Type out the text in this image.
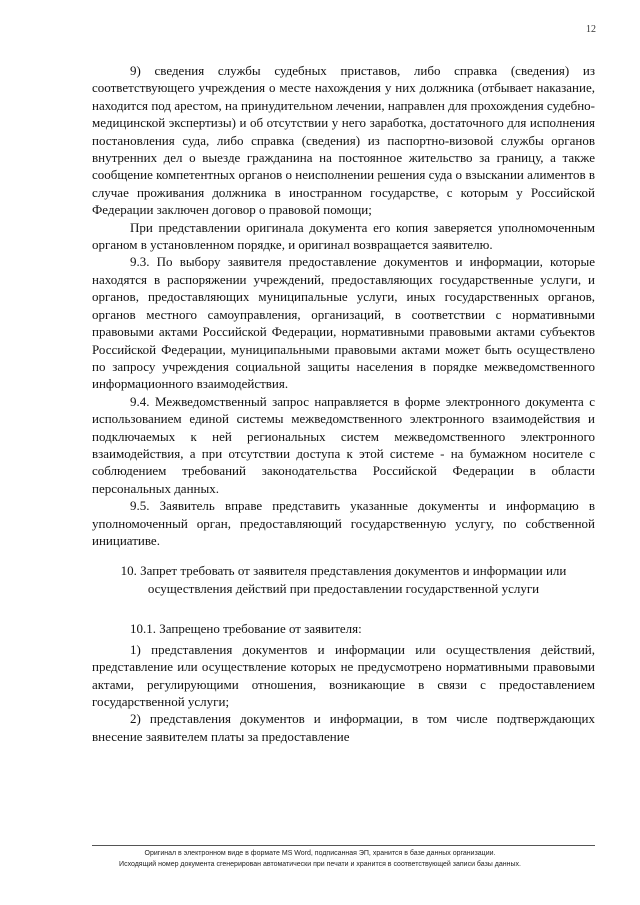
12

9) сведения службы судебных приставов, либо справка (сведения) из соответствующего учреждения о месте нахождения у них должника (отбывает наказание, находится под арестом, на принудительном лечении, направлен для прохождения судебно-медицинской экспертизы) и об отсутствии у него заработка, достаточного для исполнения постановления суда, либо справка (сведения) из паспортно-визовой службы органов внутренних дел о выезде гражданина на постоянное жительство за границу, а также сообщение компетентных органов о неисполнении решения суда о взыскании алиментов в случае проживания должника в иностранном государстве, с которым у Российской Федерации заключен договор о правовой помощи;

При представлении оригинала документа его копия заверяется уполномоченным органом в установленном порядке, и оригинал возвращается заявителю.

9.3. По выбору заявителя предоставление документов и информации, которые находятся в распоряжении учреждений, предоставляющих государственные услуги, и органов, предоставляющих муниципальные услуги, иных государственных органов, органов местного самоуправления, организаций, в соответствии с нормативными правовыми актами Российской Федерации, нормативными правовыми актами субъектов Российской Федерации, муниципальными правовыми актами может быть осуществлено по запросу учреждения социальной защиты населения в порядке межведомственного информационного взаимодействия.

9.4. Межведомственный запрос направляется в форме электронного документа с использованием единой системы межведомственного электронного взаимодействия и подключаемых к ней региональных систем межведомственного электронного взаимодействия, а при отсутствии доступа к этой системе - на бумажном носителе с соблюдением требований законодательства Российской Федерации в области персональных данных.

9.5. Заявитель вправе представить указанные документы и информацию в уполномоченный орган, предоставляющий государственную услугу, по собственной инициативе.

10. Запрет требовать от заявителя представления документов и информации или осуществления действий при предоставлении государственной услуги

10.1. Запрещено требование от заявителя:

1) представления документов и информации или осуществления действий, представление или осуществление которых не предусмотрено нормативными правовыми актами, регулирующими отношения, возникающие в связи с предоставлением государственной услуги;

2) представления документов и информации, в том числе подтверждающих внесение заявителем платы за предоставление

Оригинал в электронном виде в формате MS Word, подписанная ЭП, хранится в базе данных организации.
Исходящий номер документа сгенерирован автоматически при печати и хранится в соответствующей записи базы данных.
